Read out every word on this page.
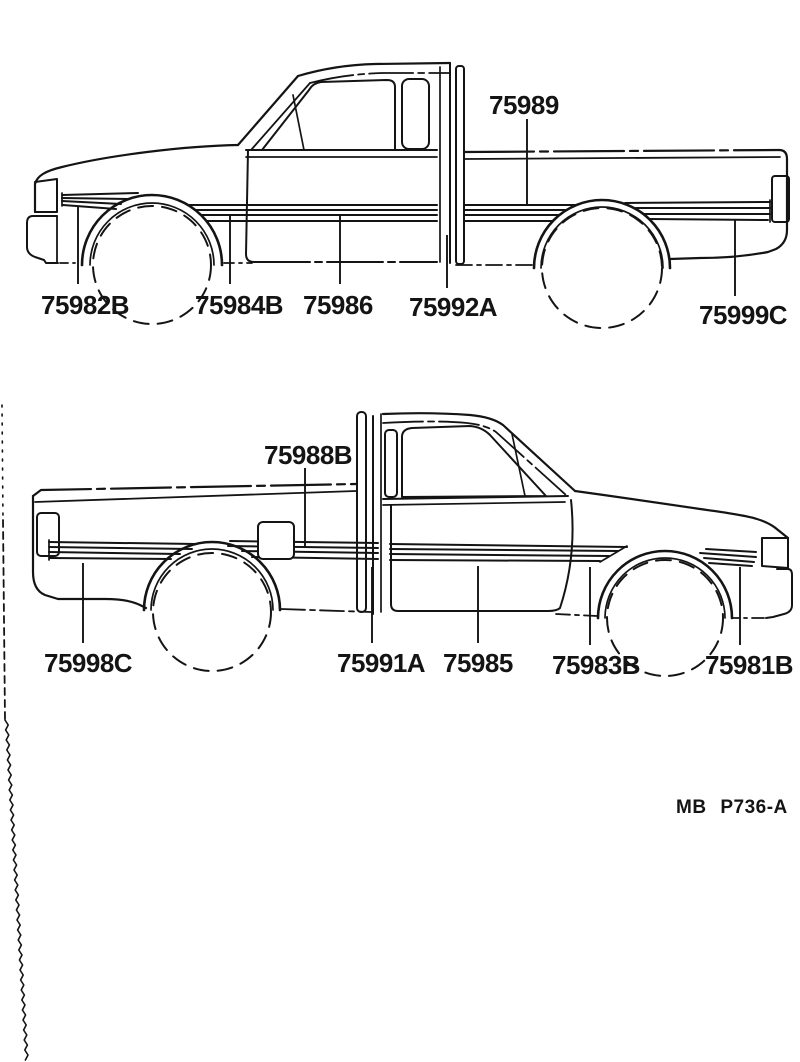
75989
75982B	75984B 75986 75992A	75999C
75988B
75998C	75991A 75985 75983B 75981B
MB P736-A
